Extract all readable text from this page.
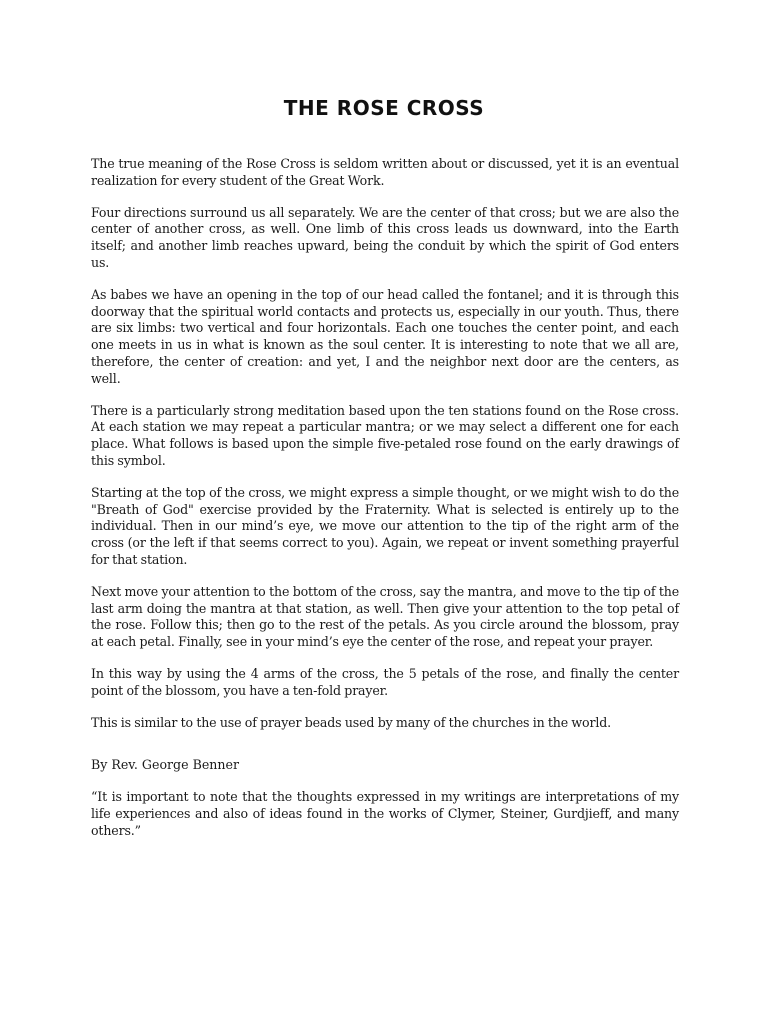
THE ROSE CROSS

The true meaning of the Rose Cross is seldom written about or discussed, yet it is an eventual realization for every student of the Great Work.

Four directions surround us all separately. We are the center of that cross; but we are also the center of another cross, as well. One limb of this cross leads us downward, into the Earth itself; and another limb reaches upward, being the conduit by which the spirit of God enters us.

As babes we have an opening in the top of our head called the fontanel; and it is through this doorway that the spiritual world contacts and protects us, especially in our youth. Thus, there are six limbs: two vertical and four horizontals. Each one touches the center point, and each one meets in us in what is known as the soul center. It is interesting to note that we all are, therefore, the center of creation: and yet, I and the neighbor next door are the centers, as well.

There is a particularly strong meditation based upon the ten stations found on the Rose cross. At each station we may repeat a particular mantra; or we may select a different one for each place. What follows is based upon the simple five-petaled rose found on the early drawings of this symbol.

Starting at the top of the cross, we might express a simple thought, or we might wish to do the "Breath of God" exercise provided by the Fraternity. What is selected is entirely up to the individual. Then in our mind’s eye, we move our attention to the tip of the right arm of the cross (or the left if that seems correct to you). Again, we repeat or invent something prayerful for that station.

Next move your attention to the bottom of the cross, say the mantra, and move to the tip of the last arm doing the mantra at that station, as well. Then give your attention to the top petal of the rose. Follow this; then go to the rest of the petals. As you circle around the blossom, pray at each petal. Finally, see in your mind’s eye the center of the rose, and repeat your prayer.

In this way by using the 4 arms of the cross, the 5 petals of the rose, and finally the center point of the blossom, you have a ten-fold prayer.

This is similar to the use of prayer beads used by many of the churches in the world.

By Rev. George Benner

“It is important to note that the thoughts expressed in my writings are interpretations of my life experiences and also of ideas found in the works of Clymer, Steiner, Gurdjieff, and many others.”
